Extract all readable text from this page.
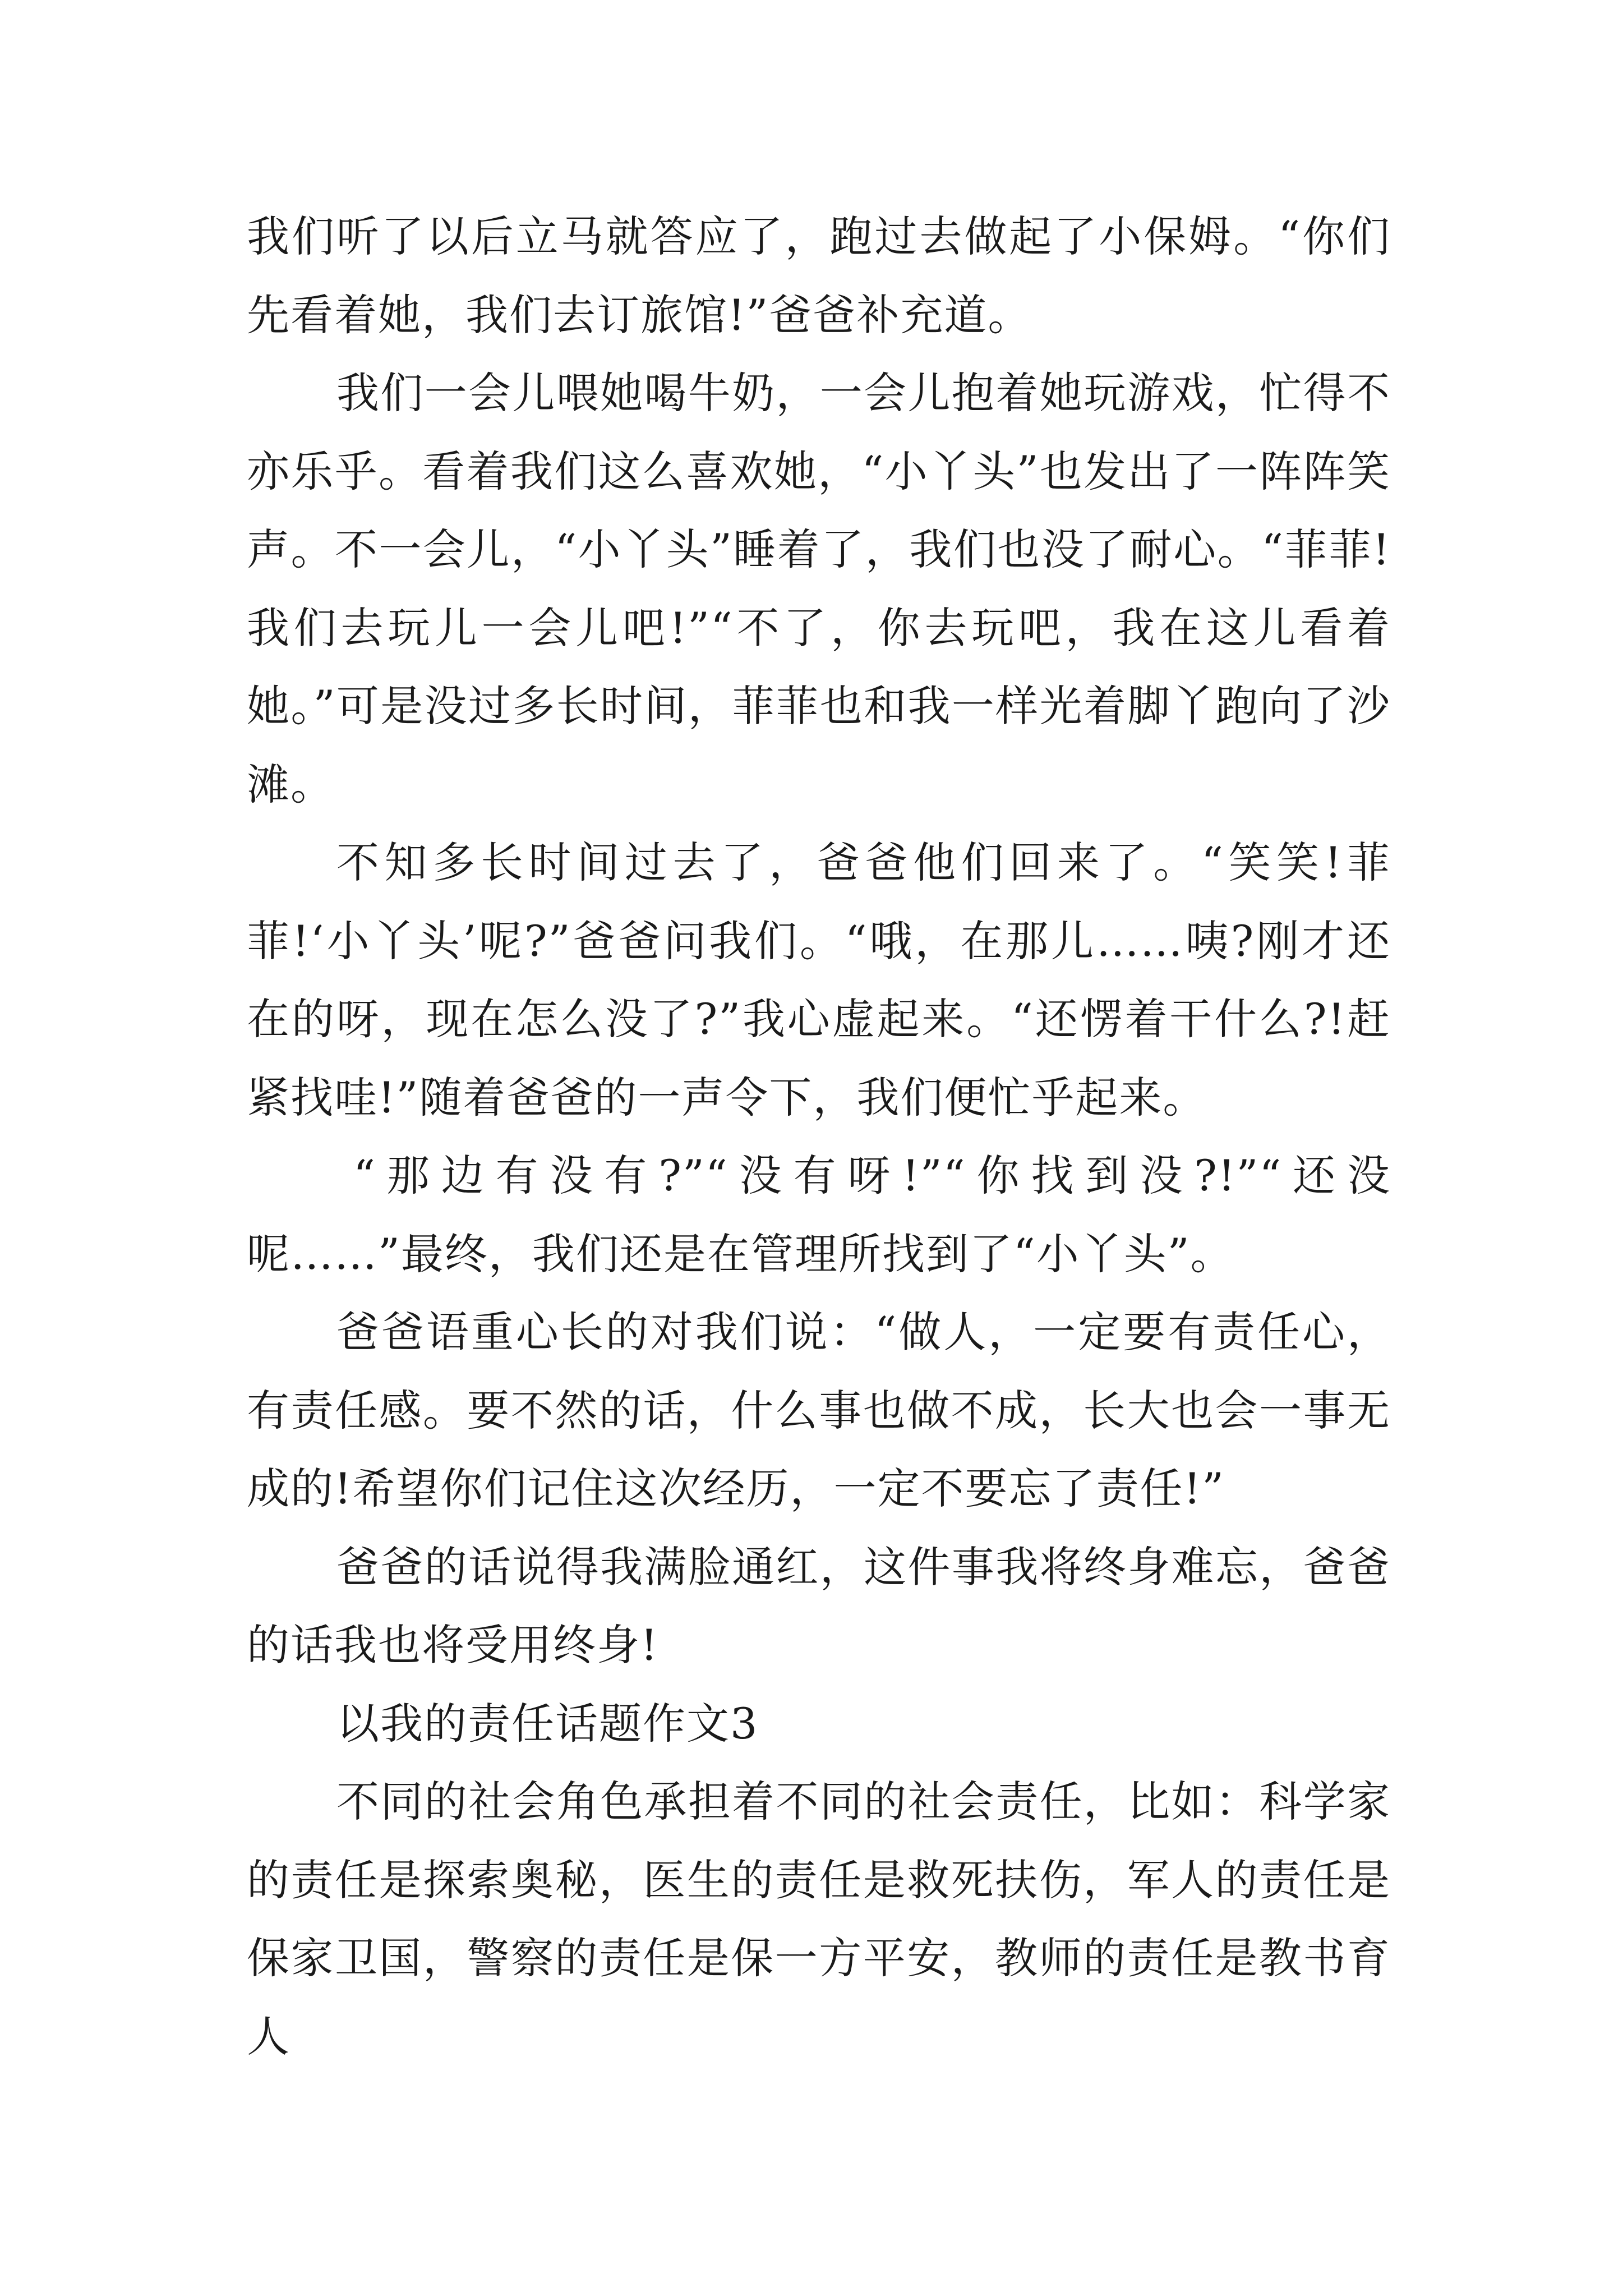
我们听了以后立马就答应了，跑过去做起了小保姆。“你们先看着她，我们去订旅馆!”爸爸补充道。

我们一会儿喂她喝牛奶，一会儿抱着她玩游戏，忙得不亦乐乎。看着我们这么喜欢她，“小丫头”也发出了一阵阵笑声。不一会儿，“小丫头”睡着了，我们也没了耐心。“菲菲!我们去玩儿一会儿吧!”“不了，你去玩吧，我在这儿看着她。”可是没过多长时间，菲菲也和我一样光着脚丫跑向了沙滩。

不知多长时间过去了，爸爸他们回来了。“笑笑!菲菲!‘小丫头’呢?”爸爸问我们。“哦，在那儿……咦?刚才还在的呀，现在怎么没了?”我心虚起来。“还愣着干什么?!赶紧找哇!”随着爸爸的一声令下，我们便忙乎起来。

“那边有没有?”“没有呀!”“你找到没?!”“还没呢……”最终，我们还是在管理所找到了“小丫头”。

爸爸语重心长的对我们说：“做人，一定要有责任心，有责任感。要不然的话，什么事也做不成，长大也会一事无成的!希望你们记住这次经历，一定不要忘了责任!”

爸爸的话说得我满脸通红，这件事我将终身难忘，爸爸的话我也将受用终身!

以我的责任话题作文3

不同的社会角色承担着不同的社会责任，比如：科学家的责任是探索奥秘，医生的责任是救死扶伤，军人的责任是保家卫国，警察的责任是保一方平安，教师的责任是教书育人
